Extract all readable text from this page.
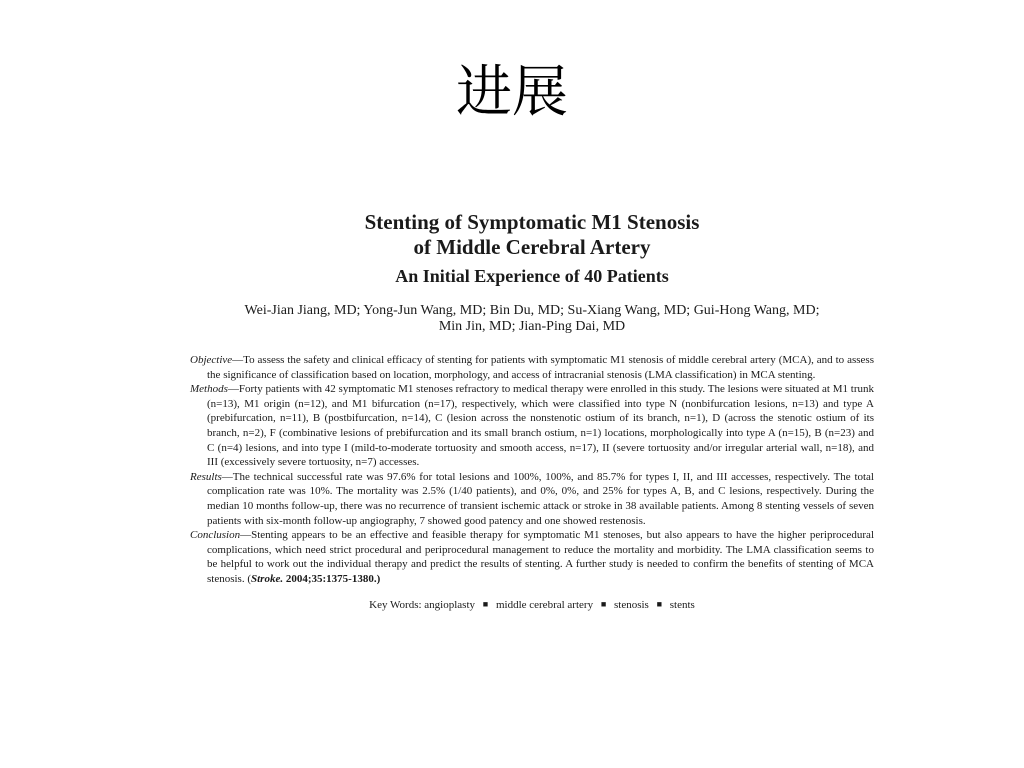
进展
Stenting of Symptomatic M1 Stenosis
of Middle Cerebral Artery
An Initial Experience of 40 Patients
Wei-Jian Jiang, MD; Yong-Jun Wang, MD; Bin Du, MD; Su-Xiang Wang, MD; Gui-Hong Wang, MD;
Min Jin, MD; Jian-Ping Dai, MD
Objective—To assess the safety and clinical efficacy of stenting for patients with symptomatic M1 stenosis of middle cerebral artery (MCA), and to assess the significance of classification based on location, morphology, and access of intracranial stenosis (LMA classification) in MCA stenting.
Methods—Forty patients with 42 symptomatic M1 stenoses refractory to medical therapy were enrolled in this study. The lesions were situated at M1 trunk (n=13), M1 origin (n=12), and M1 bifurcation (n=17), respectively, which were classified into type N (nonbifurcation lesions, n=13) and type A (prebifurcation, n=11), B (postbifurcation, n=14), C (lesion across the nonstenotic ostium of its branch, n=1), D (across the stenotic ostium of its branch, n=2), F (combinative lesions of prebifurcation and its small branch ostium, n=1) locations, morphologically into type A (n=15), B (n=23) and C (n=4) lesions, and into type I (mild-to-moderate tortuosity and smooth access, n=17), II (severe tortuosity and/or irregular arterial wall, n=18), and III (excessively severe tortuosity, n=7) accesses.
Results—The technical successful rate was 97.6% for total lesions and 100%, 100%, and 85.7% for types I, II, and III accesses, respectively. The total complication rate was 10%. The mortality was 2.5% (1/40 patients), and 0%, 0%, and 25% for types A, B, and C lesions, respectively. During the median 10 months follow-up, there was no recurrence of transient ischemic attack or stroke in 38 available patients. Among 8 stenting vessels of seven patients with six-month follow-up angiography, 7 showed good patency and one showed restenosis.
Conclusion—Stenting appears to be an effective and feasible therapy for symptomatic M1 stenoses, but also appears to have the higher periprocedural complications, which need strict procedural and periprocedural management to reduce the mortality and morbidity. The LMA classification seems to be helpful to work out the individual therapy and predict the results of stenting. A further study is needed to confirm the benefits of stenting of MCA stenosis. (Stroke. 2004;35:1375-1380.)
Key Words: angioplasty ■ middle cerebral artery ■ stenosis ■ stents
